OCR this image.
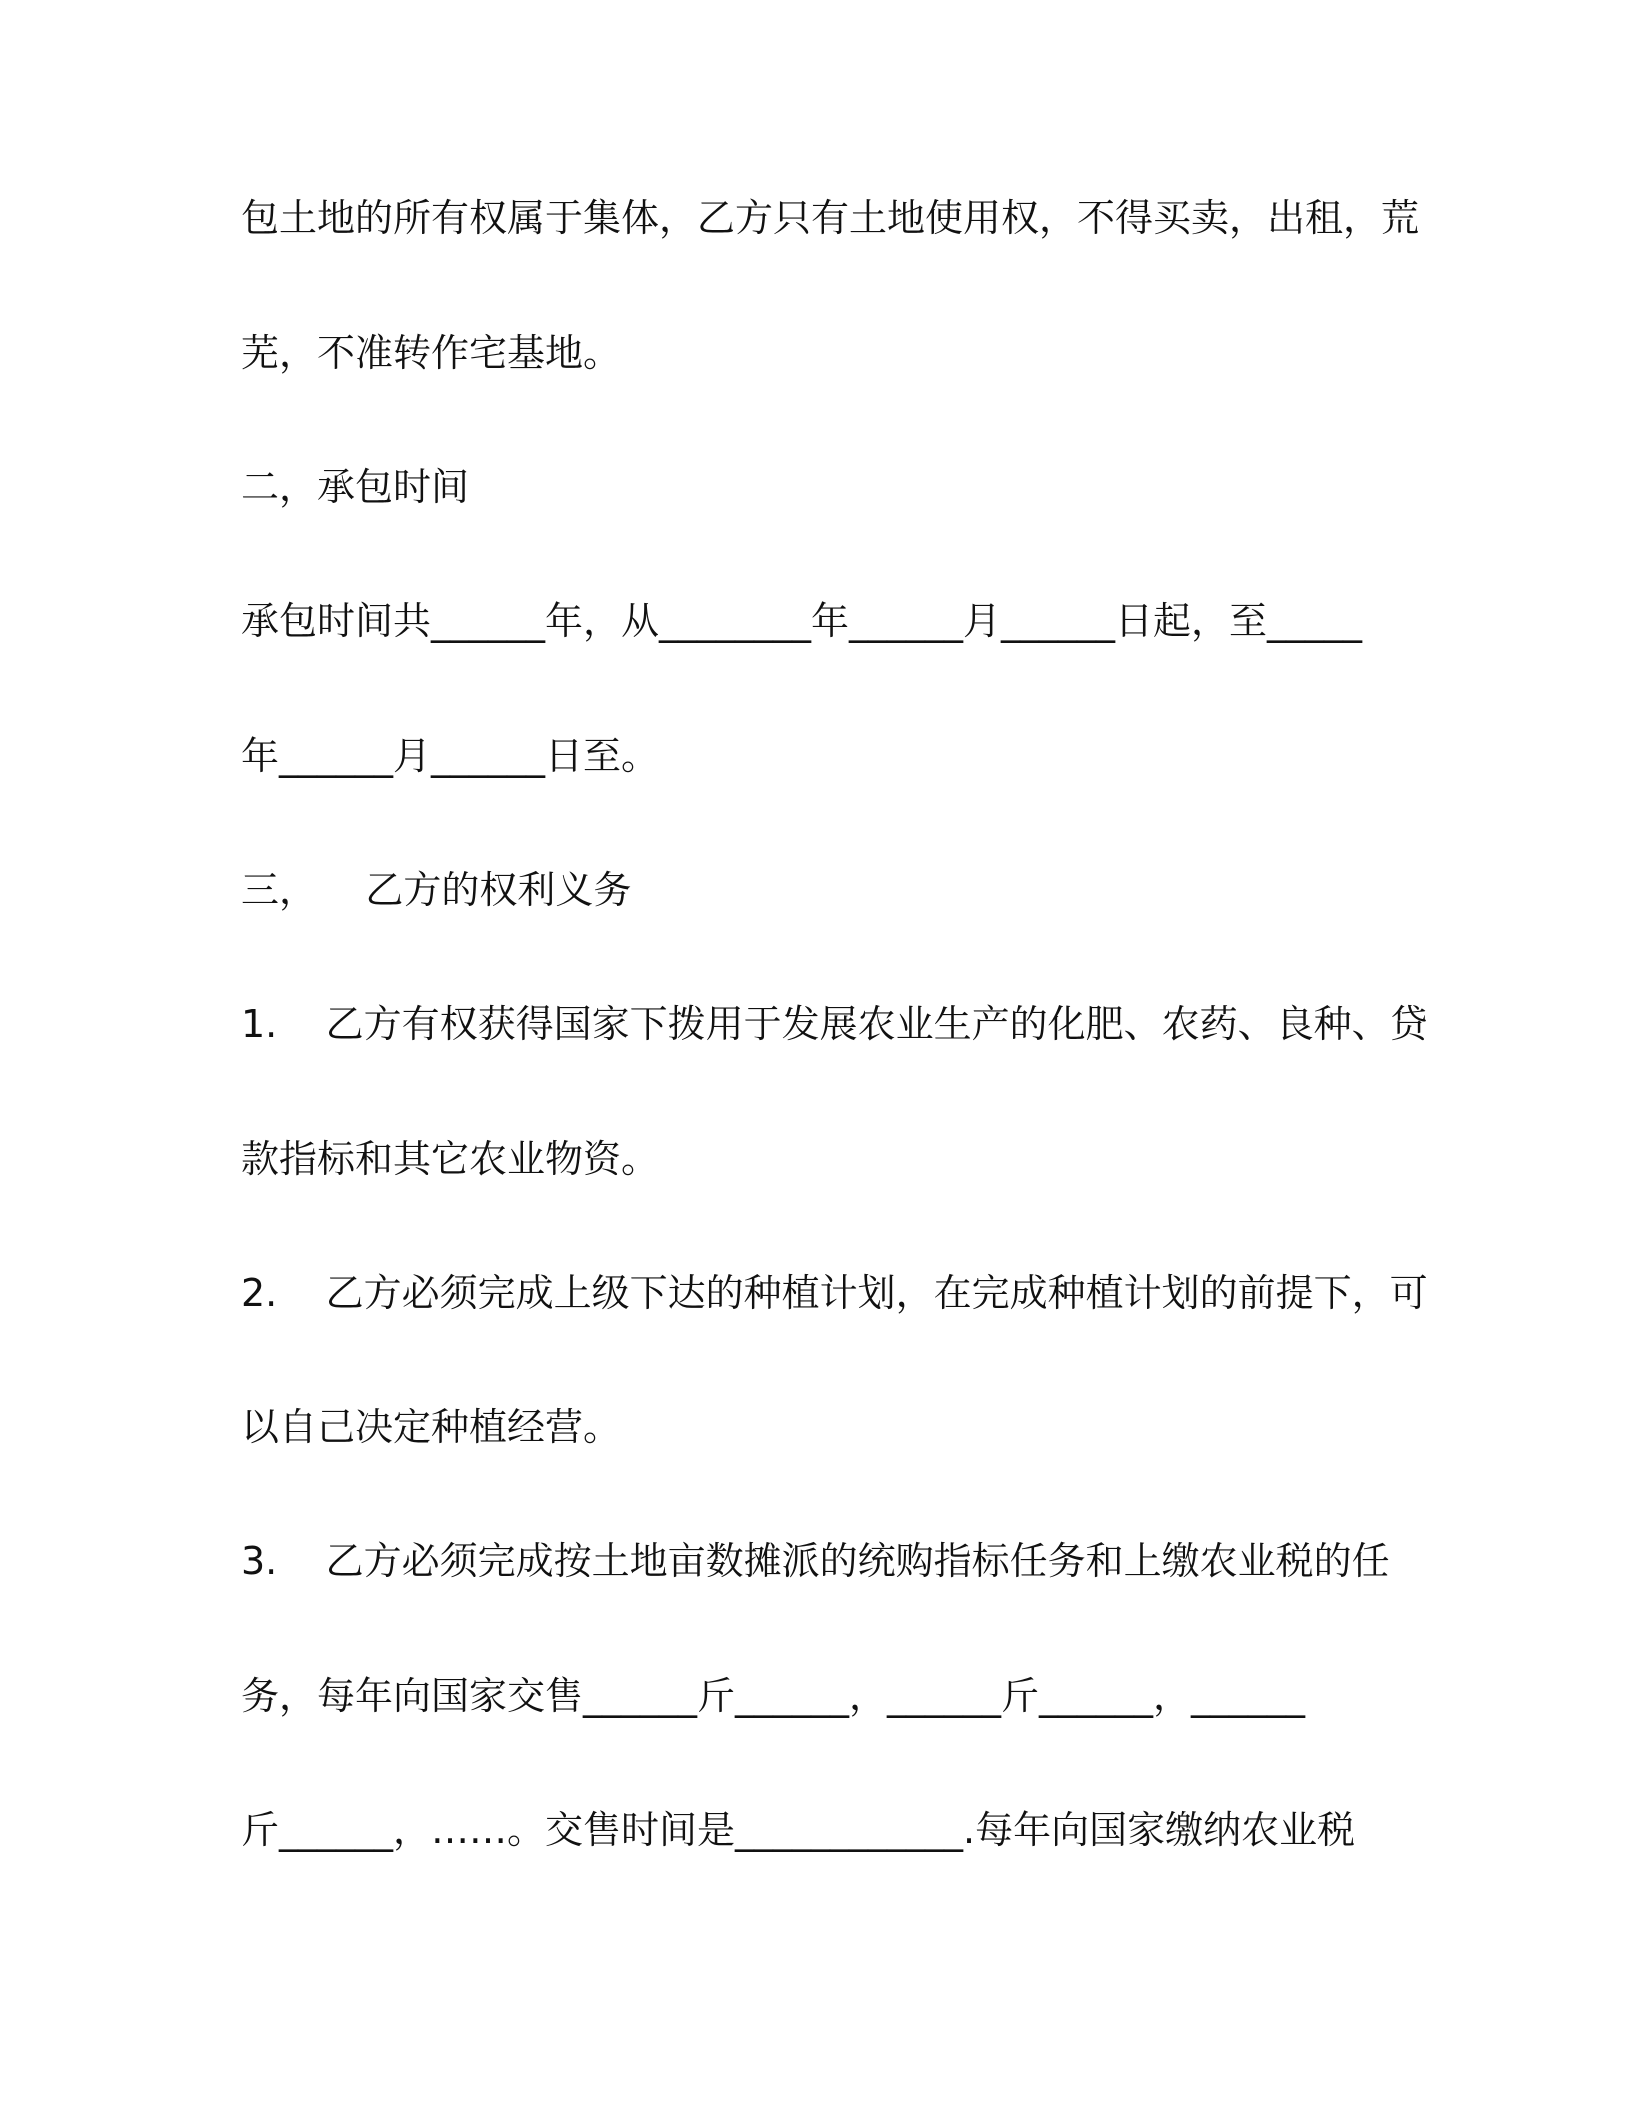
包土地的所有权属于集体，乙方只有土地使用权，不得买卖，出租，荒
芜，不准转作宅基地。
二，承包时间
承包时间共______年，从________年______月______日起，至_____
年______月______日至。
三，    乙方的权利义务
1.    乙方有权获得国家下拨用于发展农业生产的化肥、农药、良种、贷
款指标和其它农业物资。
2.    乙方必须完成上级下达的种植计划，在完成种植计划的前提下，可
以自己决定种植经营。
3.    乙方必须完成按土地亩数摊派的统购指标任务和上缴农业税的任
务，每年向国家交售______斤______，______斤______，______
斤______，……。交售时间是____________.每年向国家缴纳农业税
